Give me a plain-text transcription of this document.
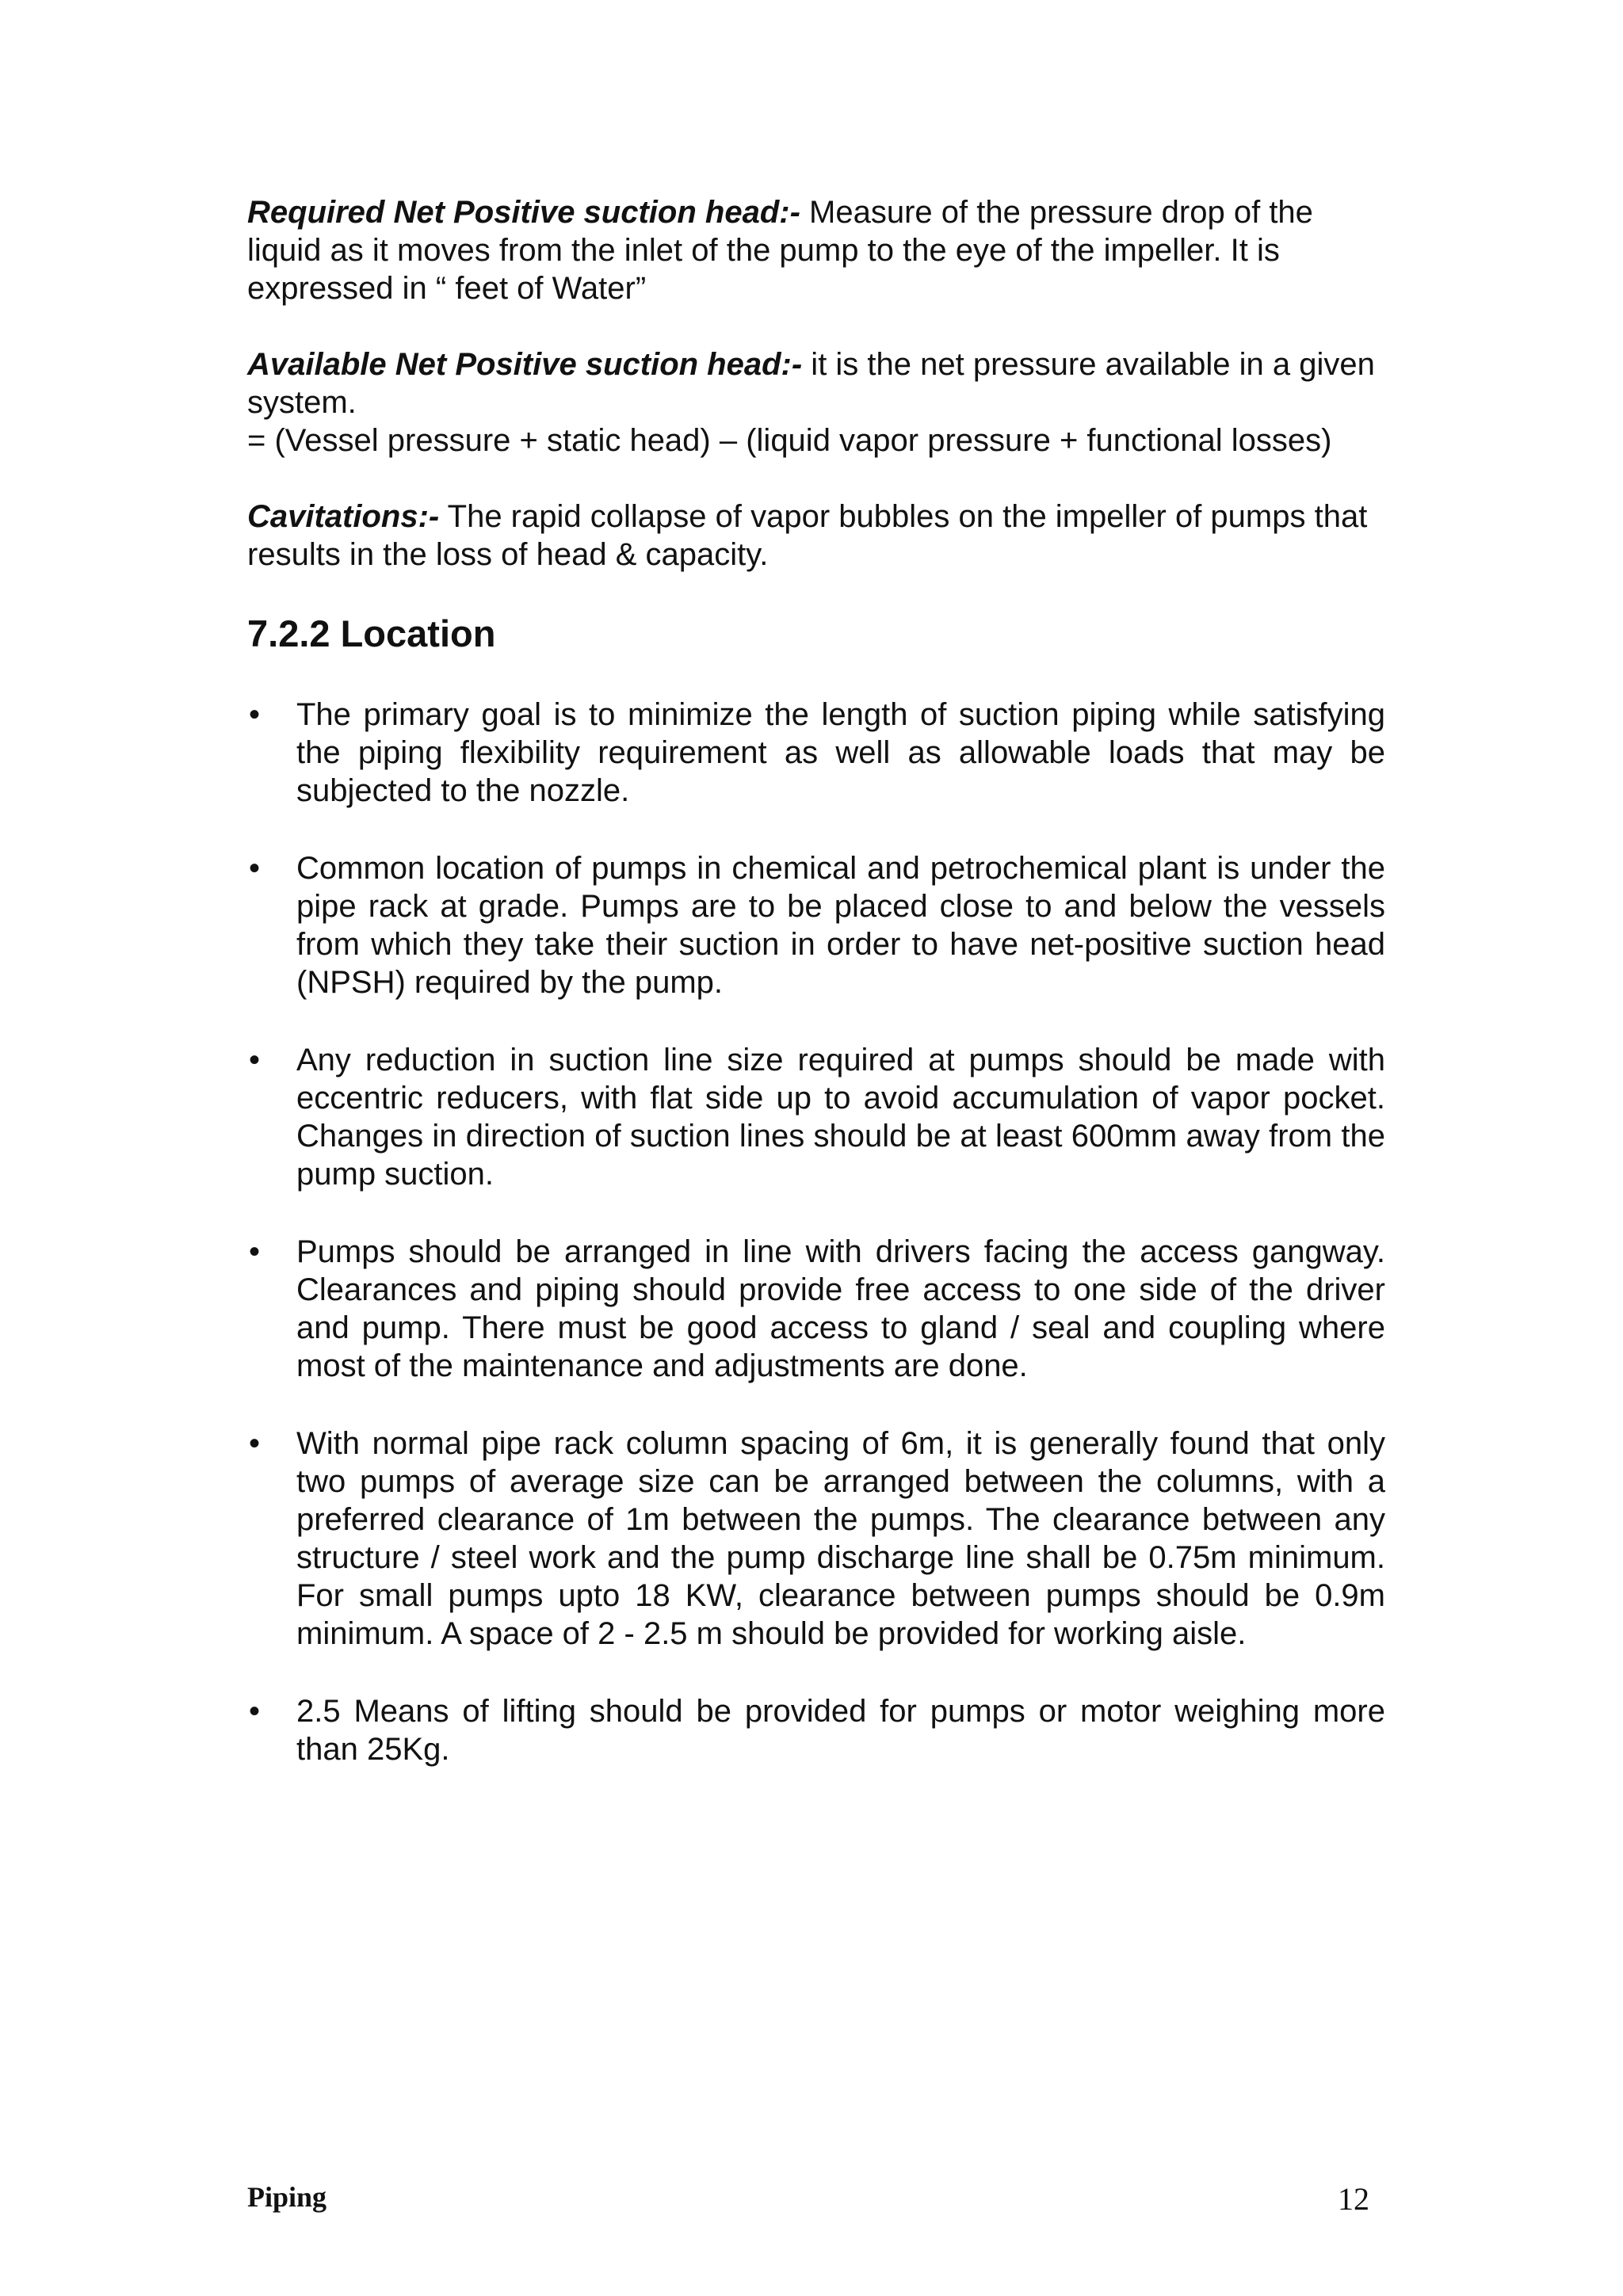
Required Net Positive suction head:- Measure of the pressure drop of the liquid as it moves from the inlet of the pump to the eye of the impeller. It is expressed in “ feet of Water”

Available Net Positive suction head:- it is the net pressure available in a given system.
= (Vessel pressure + static head) – (liquid vapor pressure + functional losses)

Cavitations:- The rapid collapse of vapor bubbles on the impeller of pumps that results in the loss of head & capacity.

7.2.2 Location
• The primary goal is to minimize the length of suction piping while satisfying the piping flexibility requirement as well as allowable loads that may be subjected to the nozzle.
• Common location of pumps in chemical and petrochemical plant is under the pipe rack at grade. Pumps are to be placed close to and below the vessels from which they take their suction in order to have net-positive suction head (NPSH) required by the pump.
• Any reduction in suction line size required at pumps should be made with eccentric reducers, with flat side up to avoid accumulation of vapor pocket. Changes in direction of suction lines should be at least 600mm away from the pump suction.
• Pumps should be arranged in line with drivers facing the access gangway. Clearances and piping should provide free access to one side of the driver and pump. There must be good access to gland / seal and coupling where most of the maintenance and adjustments are done.
• With normal pipe rack column spacing of 6m, it is generally found that only two pumps of average size can be arranged between the columns, with a preferred clearance of 1m between the pumps. The clearance between any structure / steel work and the pump discharge line shall be 0.75m minimum. For small pumps upto 18 KW, clearance between pumps should be 0.9m minimum. A space of 2 - 2.5 m should be provided for working aisle.
• 2.5 Means of lifting should be provided for pumps or motor weighing more than 25Kg.
Piping	12
